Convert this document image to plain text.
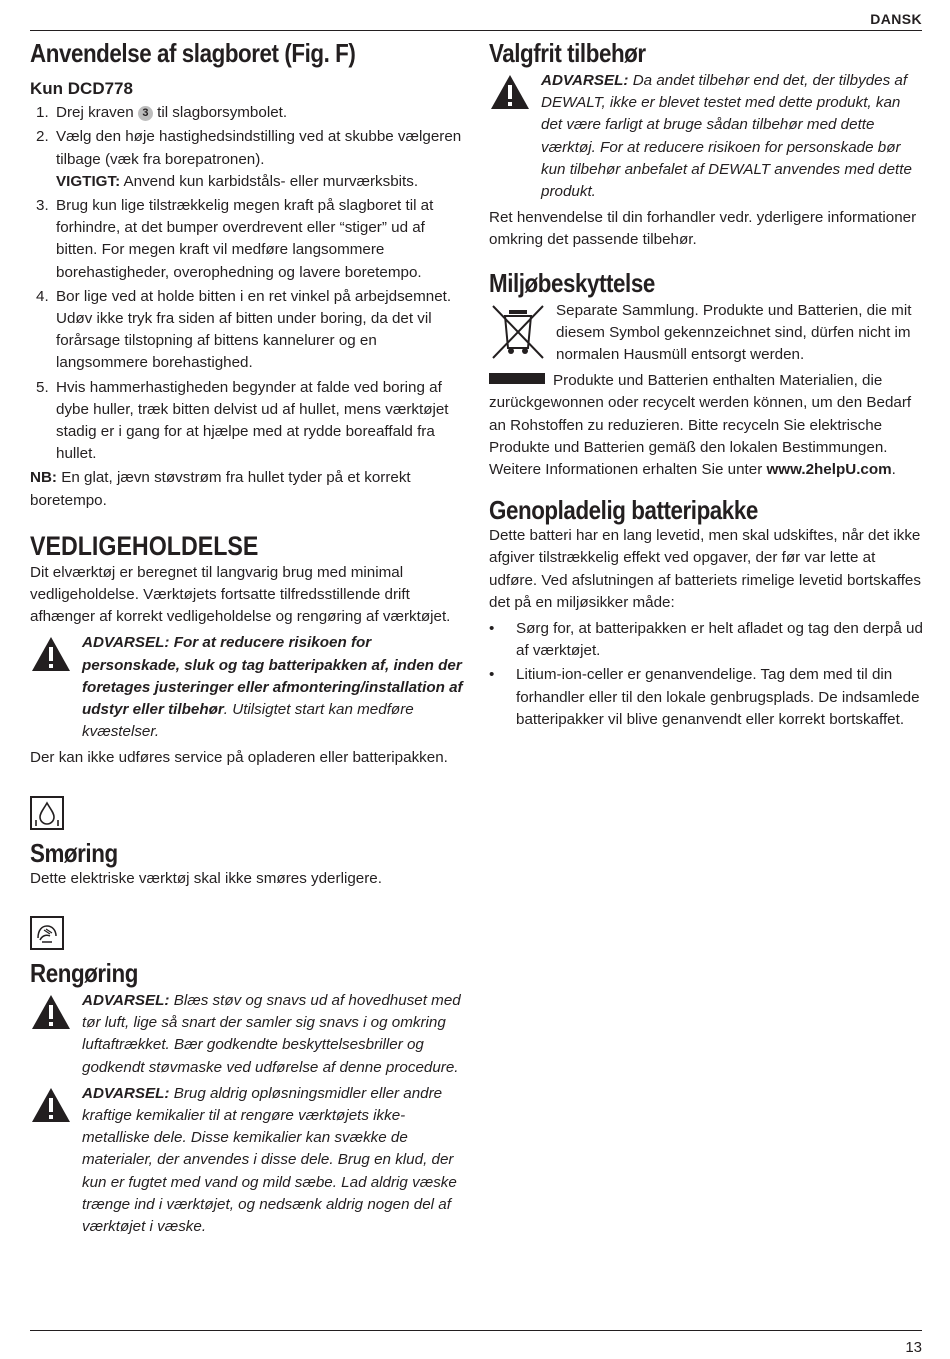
DANSK
Anvendelse af slagboret (Fig. F)
Kun DCD778
1. Drej kraven 3 til slagborsymbolet.
2. Vælg den høje hastighedsindstilling ved at skubbe vælgeren tilbage (væk fra borepatronen).
VIGTIGT: Anvend kun karbidståls- eller murværksbits.
3. Brug kun lige tilstrækkelig megen kraft på slagboret til at forhindre, at det bumper overdrevent eller “stiger” ud af bitten. For megen kraft vil medføre langsommere borehastigheder, overophedning og lavere boretempo.
4. Bor lige ved at holde bitten i en ret vinkel på arbejdsemnet. Udøv ikke tryk fra siden af bitten under boring, da det vil forårsage tilstopning af bittens kannelurer og en langsommere borehastighed.
5. Hvis hammerhastigheden begynder at falde ved boring af dybe huller, træk bitten delvist ud af hullet, mens værktøjet stadig er i gang for at hjælpe med at rydde boreaffald fra hullet.

NB: En glat, jævn støvstrøm fra hullet tyder på et korrekt boretempo.

VEDLIGEHOLDELSE

Dit elværktøj er beregnet til langvarig brug med minimal vedligeholdelse. Værktøjets fortsatte tilfredsstillende drift afhænger af korrekt vedligeholdelse og rengøring af værktøjet.

ADVARSEL: For at reducere risikoen for personskade, sluk og tag batteripakken af, inden der foretages justeringer eller afmontering/installation af udstyr eller tilbehør. Utilsigtet start kan medføre kvæstelser.

Der kan ikke udføres service på opladeren eller batteripakken.

Smøring

Dette elektriske værktøj skal ikke smøres yderligere.

Rengøring
ADVARSEL: Blæs støv og snavs ud af hovedhuset med tør luft, lige så snart der samler sig snavs i og omkring luftaftrækket. Bær godkendte beskyttelsesbriller og godkendt støvmaske ved udførelse af denne procedure.
ADVARSEL: Brug aldrig opløsningsmidler eller andre kraftige kemikalier til at rengøre værktøjets ikke-metalliske dele. Disse kemikalier kan svække de materialer, der anvendes i disse dele. Brug en klud, der kun er fugtet med vand og mild sæbe. Lad aldrig væske trænge ind i værktøjet, og nedsænk aldrig nogen del af værktøjet i væske.
Valgfrit tilbehør
ADVARSEL: Da andet tilbehør end det, der tilbydes af DEWALT, ikke er blevet testet med dette produkt, kan det være farligt at bruge sådan tilbehør med dette værktøj. For at reducere risikoen for personskade bør kun tilbehør anbefalet af DEWALT anvendes med dette produkt.

Ret henvendelse til din forhandler vedr. yderligere informationer omkring det passende tilbehør.

Miljøbeskyttelse
Separate Sammlung. Produkte und Batterien, die mit diesem Symbol gekennzeichnet sind, dürfen nicht im normalen Hausmüll entsorgt werden.

Produkte und Batterien enthalten Materialien, die zurückgewonnen oder recycelt werden können, um den Bedarf an Rohstoffen zu reduzieren. Bitte recyceln Sie elektrische Produkte und Batterien gemäß den lokalen Bestimmungen. Weitere Informationen erhalten Sie unter www.2helpU.com.

Genopladelig batteripakke

Dette batteri har en lang levetid, men skal udskiftes, når det ikke afgiver tilstrækkelig effekt ved opgaver, der før var lette at udføre. Ved afslutningen af batteriets rimelige levetid bortskaffes det på en miljøsikker måde:

• Sørg for, at batteripakken er helt afladet og tag den derpå ud af værktøjet.
• Litium-ion-celler er genanvendelige. Tag dem med til din forhandler eller til den lokale genbrugsplads. De indsamlede batteripakker vil blive genanvendt eller korrekt bortskaffet.
13
